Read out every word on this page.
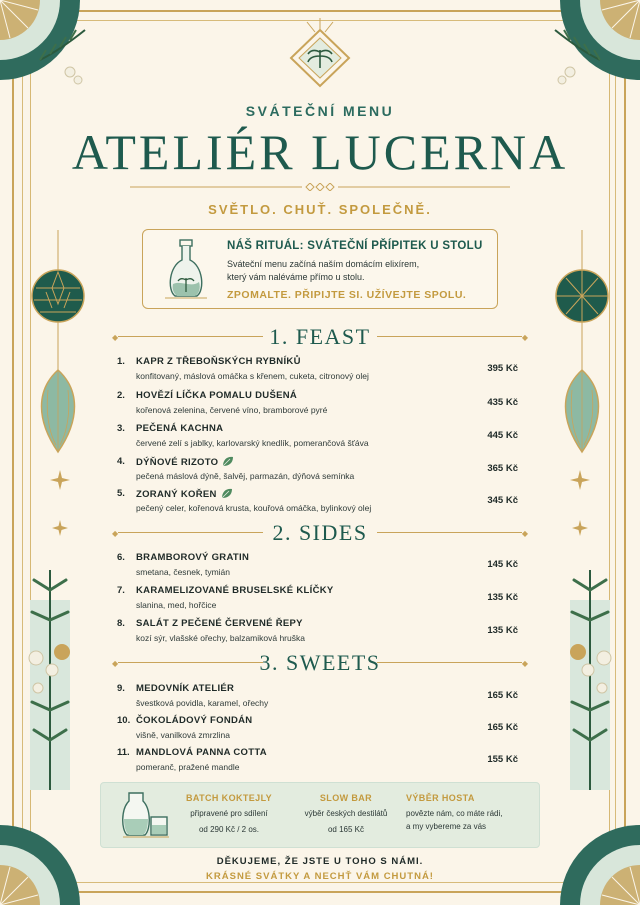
SVÁTEČNÍ MENU
ATELIÉR LUCERNA
SVĚTLO. CHUŤ. SPOLEČNĚ.
NÁŠ RITUÁL: SVÁTEČNÍ PŘÍPITEK U STOLU
Sváteční menu začíná naším domácím elixírem,
který vám naléváme přímo u stolu.
ZPOMALTE. PŘIPIJTE SI. UŽÍVEJTE SPOLU.
◆	◆
1. FEAST
1. KAPR Z TŘEBOŇSKÝCH RYBNÍKŮ
konfitovaný, máslová omáčka s křenem, cuketa, citronový olej
395 Kč
2. HOVĚZÍ LÍČKA POMALU DUŠENÁ
kořenová zelenina, červené víno, bramborové pyré
435 Kč
3. PEČENÁ KACHNA
červené zelí s jablky, karlovarský knedlík, pomerančová šťáva
445 Kč
4. DÝŇOVÉ RIZOTO
pečená máslová dýně, šalvěj, parmazán, dýňová semínka
365 Kč
5. ZORANÝ KOŘEN
pečený celer, kořenová krusta, kouřová omáčka, bylinkový olej
345 Kč
◆	◆
2. SIDES
6. BRAMBOROVÝ GRATIN
smetana, česnek, tymián
145 Kč
7. KARAMELIZOVANÉ BRUSELSKÉ KLÍČKY
slanina, med, hořčice
135 Kč
8. SALÁT Z PEČENÉ ČERVENÉ ŘEPY
kozí sýr, vlašské ořechy, balzamiková hruška
135 Kč
◆	◆
3. SWEETS
9. MEDOVNÍK ATELIÉR
švestková povidla, karamel, ořechy
165 Kč
10. ČOKOLÁDOVÝ FONDÁN
višně, vanilková zmrzlina
165 Kč
11. MANDLOVÁ PANNA COTTA
pomeranč, pražené mandle
155 Kč
BATCH KOKTEJLY
připravené pro sdílení
od 290 Kč / 2 os.
SLOW BAR
výběr českých destilátů
od 165 Kč
VÝBĚR HOSTA
povězte nám, co máte rádi,
a my vybereme za vás
DĚKUJEME, ŽE JSTE U TOHO S NÁMI.
KRÁSNÉ SVÁTKY A NECHŤ VÁM CHUTNÁ!
